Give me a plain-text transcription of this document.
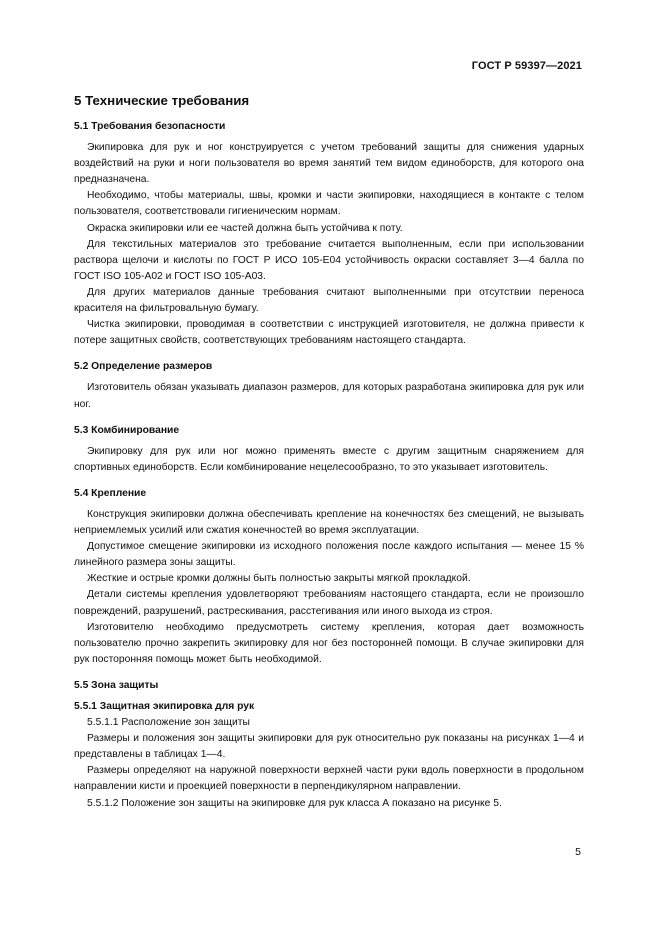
ГОСТ Р 59397—2021
5 Технические требования
5.1 Требования безопасности

Экипировка для рук и ног конструируется с учетом требований защиты для снижения ударных воздействий на руки и ноги пользователя во время занятий тем видом единоборств, для которого она предназначена.

Необходимо, чтобы материалы, швы, кромки и части экипировки, находящиеся в контакте с телом пользователя, соответствовали гигиеническим нормам.

Окраска экипировки или ее частей должна быть устойчива к поту.

Для текстильных материалов это требование считается выполненным, если при использовании раствора щелочи и кислоты по ГОСТ Р ИСО 105-Е04 устойчивость окраски составляет 3—4 балла по ГОСТ ISO 105-А02 и ГОСТ ISO 105-А03.

Для других материалов данные требования считают выполненными при отсутствии переноса красителя на фильтровальную бумагу.

Чистка экипировки, проводимая в соответствии с инструкцией изготовителя, не должна привести к потере защитных свойств, соответствующих требованиям настоящего стандарта.

5.2 Определение размеров

Изготовитель обязан указывать диапазон размеров, для которых разработана экипировка для рук или ног.

5.3 Комбинирование

Экипировку для рук или ног можно применять вместе с другим защитным снаряжением для спортивных единоборств. Если комбинирование нецелесообразно, то это указывает изготовитель.

5.4 Крепление

Конструкция экипировки должна обеспечивать крепление на конечностях без смещений, не вызывать неприемлемых усилий или сжатия конечностей во время эксплуатации.

Допустимое смещение экипировки из исходного положения после каждого испытания — менее 15 % линейного размера зоны защиты.

Жесткие и острые кромки должны быть полностью закрыты мягкой прокладкой.

Детали системы крепления удовлетворяют требованиям настоящего стандарта, если не произошло повреждений, разрушений, растрескивания, расстегивания или иного выхода из строя.

Изготовителю необходимо предусмотреть систему крепления, которая дает возможность пользователю прочно закрепить экипировку для ног без посторонней помощи. В случае экипировки для рук посторонняя помощь может быть необходимой.

5.5 Зона защиты
5.5.1 Защитная экипировка для рук

5.5.1.1 Расположение зон защиты

Размеры и положения зон защиты экипировки для рук относительно рук показаны на рисунках 1—4 и представлены в таблицах 1—4.

Размеры определяют на наружной поверхности верхней части руки вдоль поверхности в продольном направлении кисти и проекцией поверхности в перпендикулярном направлении.

5.5.1.2 Положение зон защиты на экипировке для рук класса А показано на рисунке 5.

5
